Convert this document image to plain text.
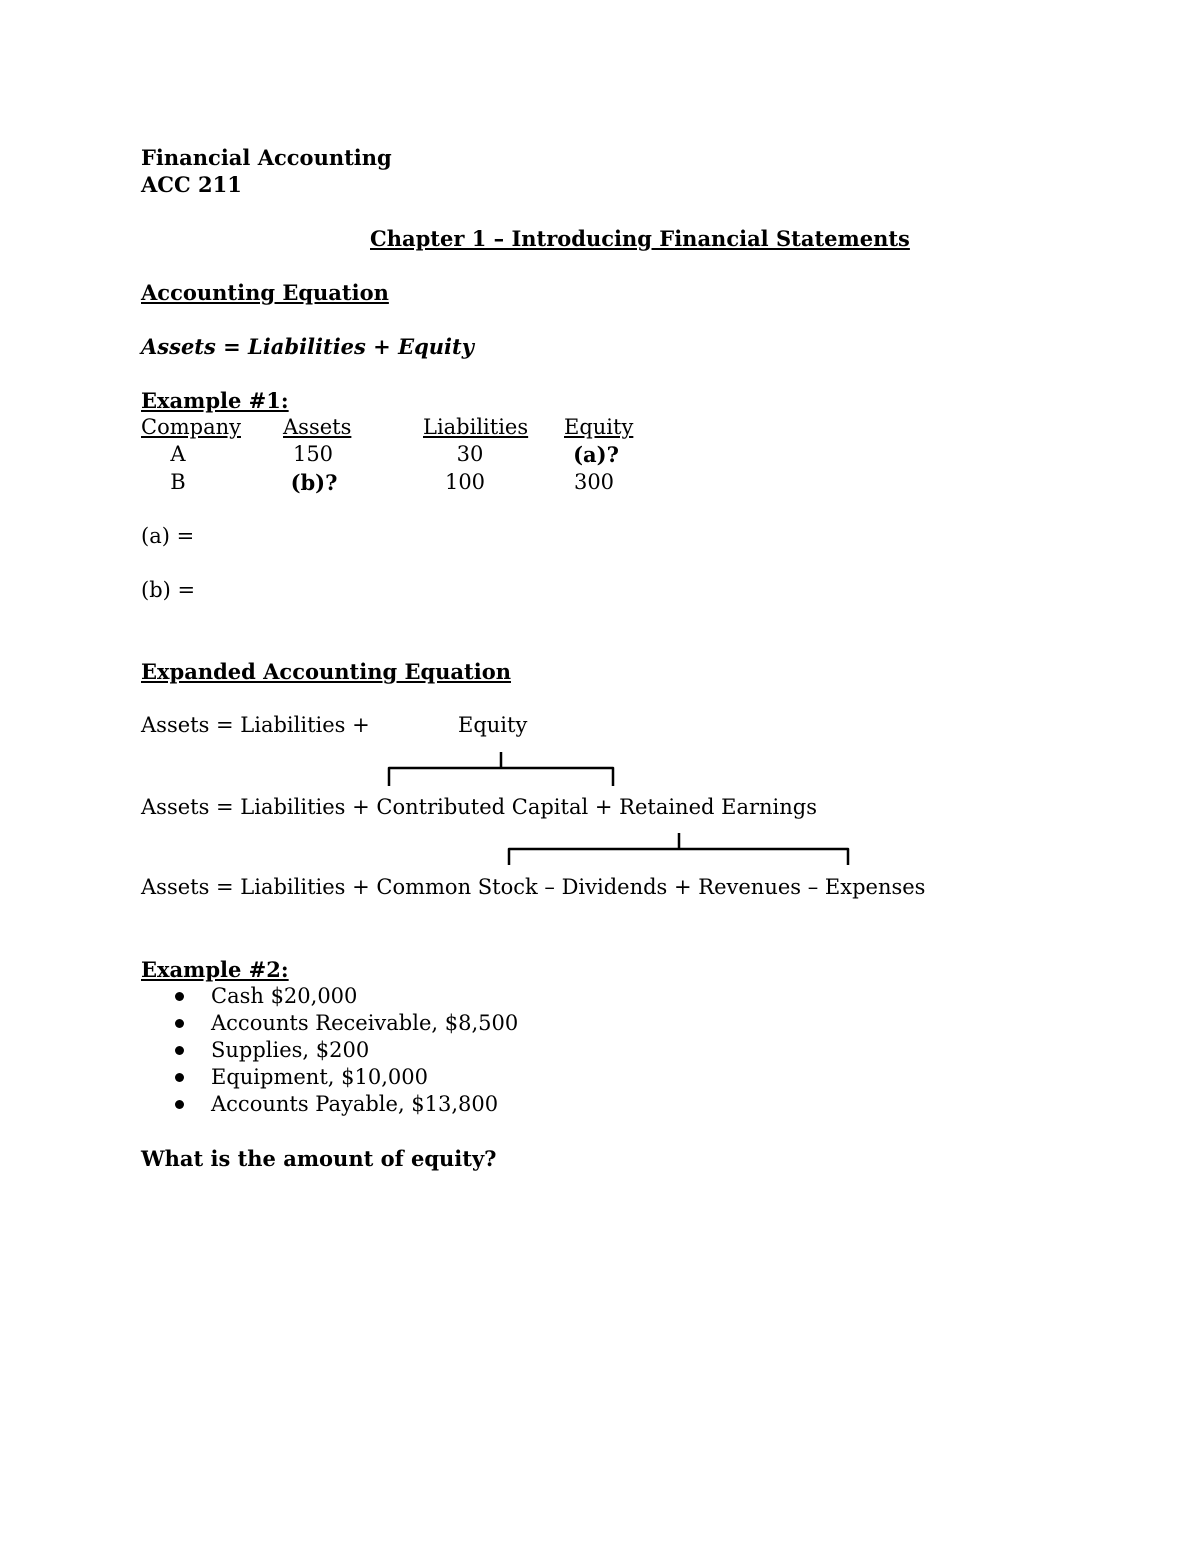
Financial Accounting
ACC 211
Chapter 1 – Introducing Financial Statements
Accounting Equation
Assets = Liabilities + Equity
Example #1:
Company Assets	Liabilities Equity
A	150	30	(a)?
B	(b)?	100	300
(a) =
(b) =
Expanded Accounting Equation
Assets = Liabilities +	Equity
Assets = Liabilities + Contributed Capital + Retained Earnings
Assets = Liabilities + Common Stock – Dividends + Revenues – Expenses
Example #2:
Cash $20,000
Accounts Receivable, $8,500
Supplies, $200
Equipment, $10,000
Accounts Payable, $13,800
What is the amount of equity?
